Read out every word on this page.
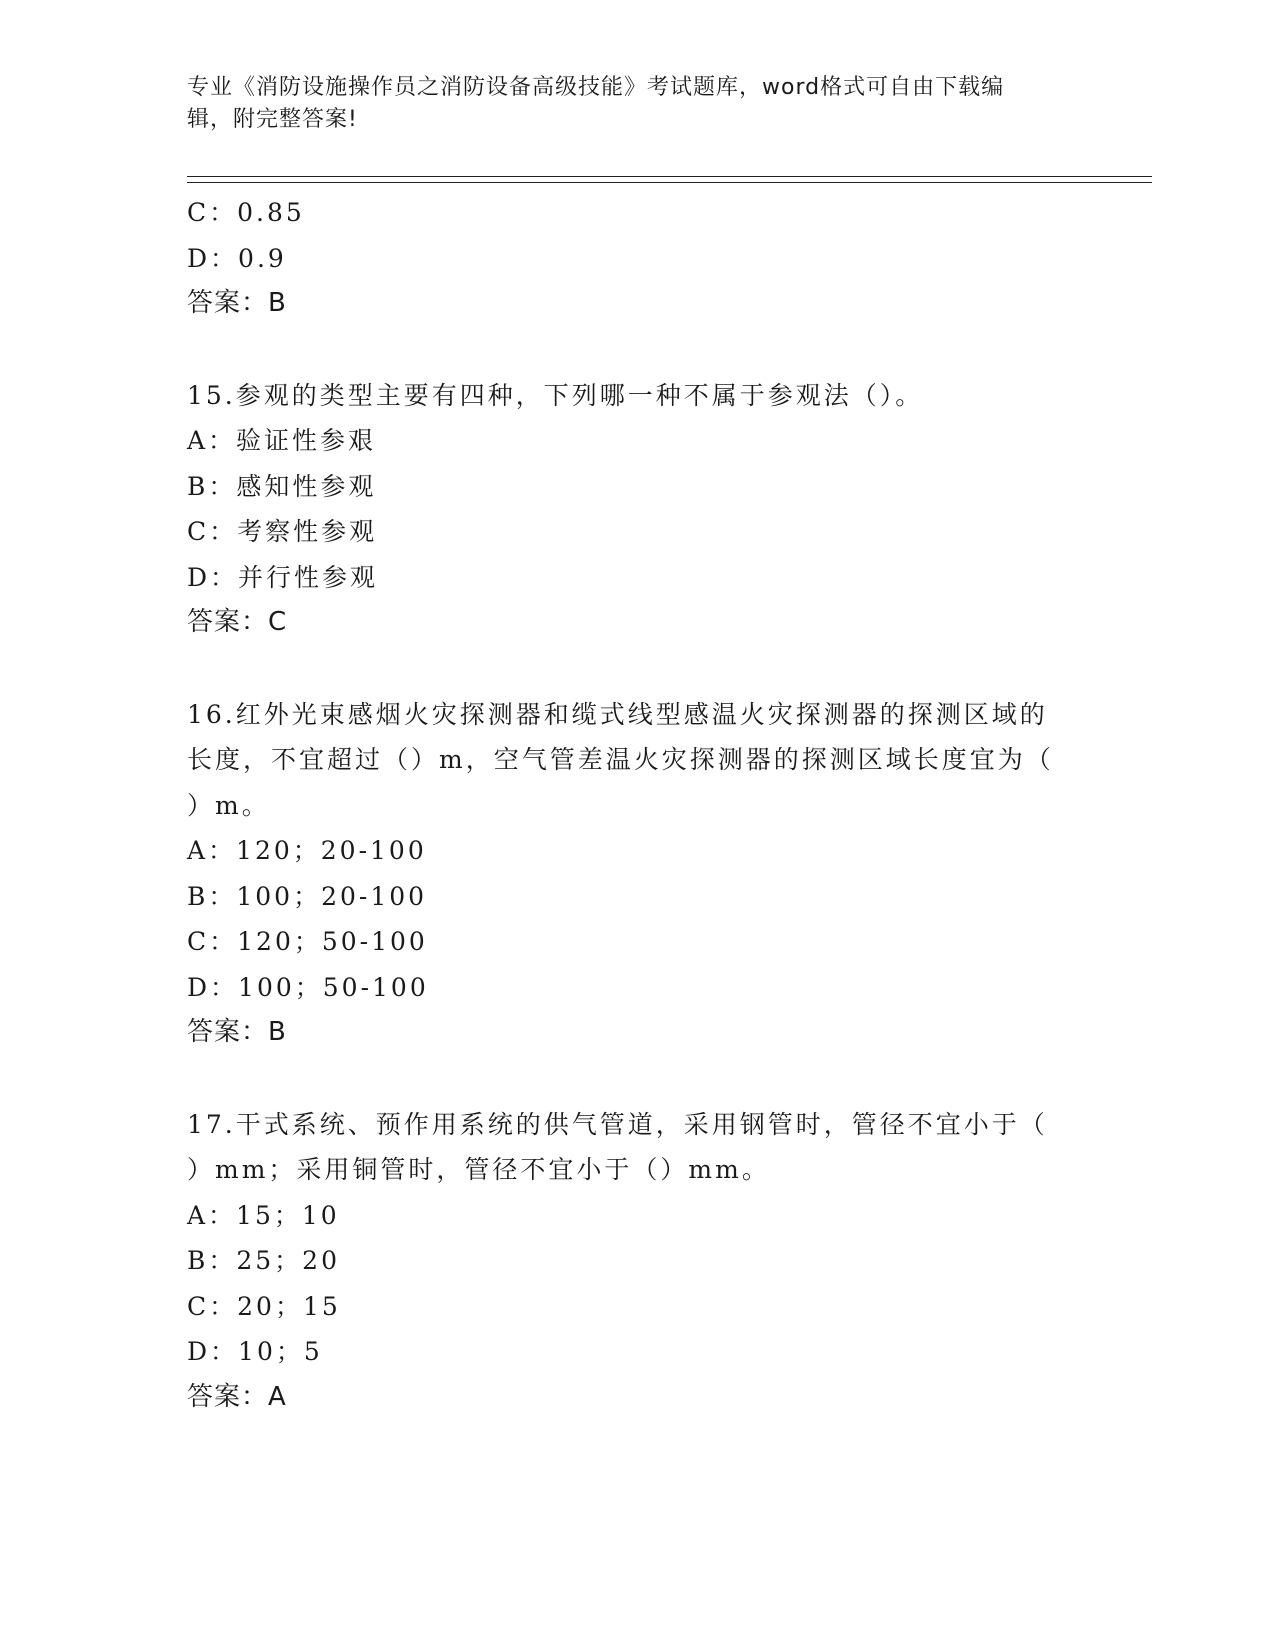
专业《消防设施操作员之消防设备高级技能》考试题库，word格式可自由下载编
辑，附完整答案!
C：0.85
D：0.9
答案：B
15.参观的类型主要有四种，下列哪一种不属于参观法（）。
A：验证性参艰
B：感知性参观
C：考察性参观
D：并行性参观
答案：C
16.红外光束感烟火灾探测器和缆式线型感温火灾探测器的探测区域的
长度，不宜超过（）m，空气管差温火灾探测器的探测区域长度宜为（
）m。
A：120；20-100
B：100；20-100
C：120；50-100
D：100；50-100
答案：B
17.干式系统、预作用系统的供气管道，采用钢管时，管径不宜小于（
）mm；采用铜管时，管径不宜小于（）mm。
A：15；10
B：25；20
C：20；15
D：10；5
答案：A
